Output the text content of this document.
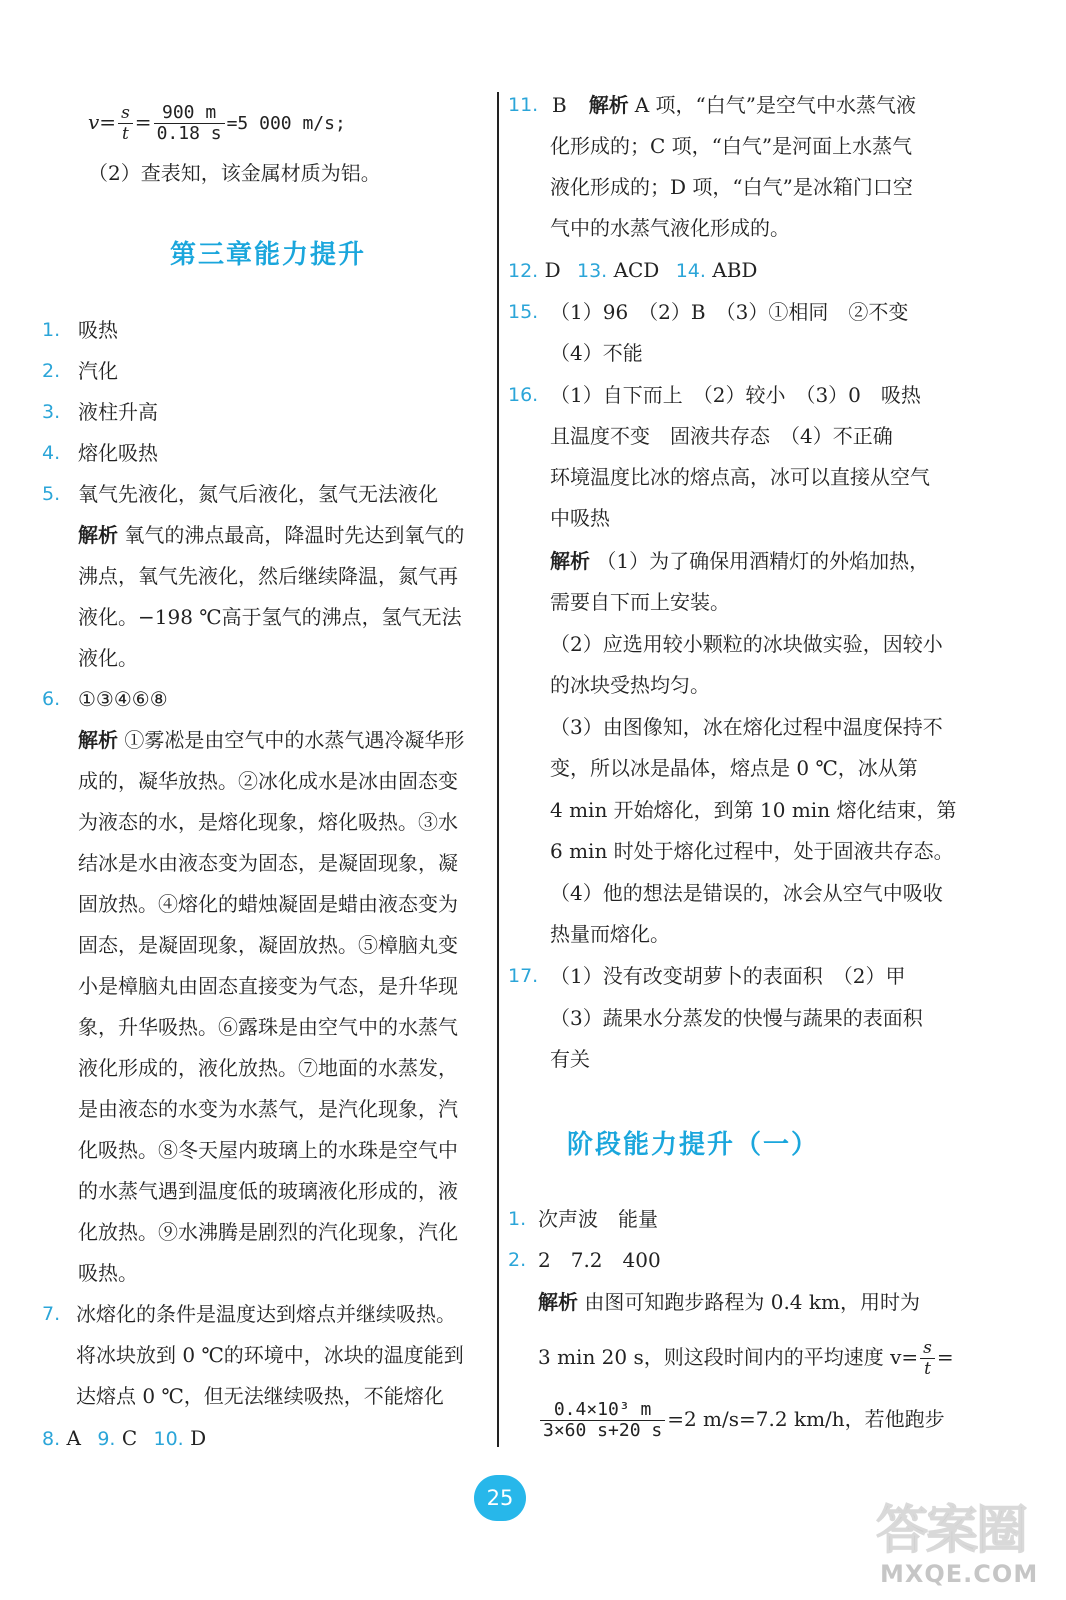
$v= \frac{s}{t} = \frac{900 m}{0.18 s} =5$ 000 m/s;
（2）查表知，该金属材质为铝。
第三章能力提升
1. 吸热
2. 汽化
3. 液柱升高
4. 熔化吸热
5. 氧气先液化，氮气后液化，氢气无法液化
解析 氧气的沸点最高，降温时先达到氧气的
沸点，氧气先液化，然后继续降温，氮气再
液化。−198 ℃高于氢气的沸点，氢气无法
液化。
6. ①③④⑥⑧
解析 ①雾凇是由空气中的水蒸气遇冷凝华形
成的，凝华放热。②冰化成水是冰由固态变
为液态的水，是熔化现象，熔化吸热。③水
结冰是水由液态变为固态，是凝固现象，凝
固放热。④熔化的蜡烛凝固是蜡由液态变为
固态，是凝固现象，凝固放热。⑤樟脑丸变
小是樟脑丸由固态直接变为气态，是升华现
象，升华吸热。⑥露珠是由空气中的水蒸气
液化形成的，液化放热。⑦地面的水蒸发，
是由液态的水变为水蒸气，是汽化现象，汽
化吸热。⑧冬天屋内玻璃上的水珠是空气中
的水蒸气遇到温度低的玻璃液化形成的，液
化放热。⑨水沸腾是剧烈的汽化现象，汽化
吸热。
7. 冰熔化的条件是温度达到熔点并继续吸热。
将冰块放到 0 ℃的环境中，冰块的温度能到
达熔点 0 ℃，但无法继续吸热，不能熔化
8. A 9. C 10. D
11. B 解析 A 项，“白气”是空气中水蒸气液
化形成的；C 项，“白气”是河面上水蒸气
液化形成的；D 项，“白气”是冰箱门口空
气中的水蒸气液化形成的。
12. D 13. ACD 14. ABD
15. （1）96　（2）B　（3）①相同　②不变
（4）不能
16. （1）自下而上　（2）较小　（3）0　吸热
且温度不变　固液共存态　（4）不正确
环境温度比冰的熔点高，冰可以直接从空气
中吸热
解析 （1）为了确保用酒精灯的外焰加热，
需要自下而上安装。
（2）应选用较小颗粒的冰块做实验，因较小
的冰块受热均匀。
（3）由图像知，冰在熔化过程中温度保持不
变，所以冰是晶体，熔点是 0 ℃，冰从第
4 min 开始熔化，到第 10 min 熔化结束，第
6 min 时处于熔化过程中，处于固液共存态。
（4）他的想法是错误的，冰会从空气中吸收
热量而熔化。
17. （1）没有改变胡萝卜的表面积　（2）甲
（3）蔬果水分蒸发的快慢与蔬果的表面积
有关
阶段能力提升（一）
1. 次声波　能量
2. 2　7.2　400
解析 由图可知跑步路程为 0.4 km，用时为
3 min 20 s，则这段时间内的平均速度 $v= \frac{s}{t}$ =
$\frac{\text{0.4×10³ m}}{3\times 60 s+20 s} =2$ m/s=7.2 km/h，若他跑步
25
答案圈
MXQE.COM
